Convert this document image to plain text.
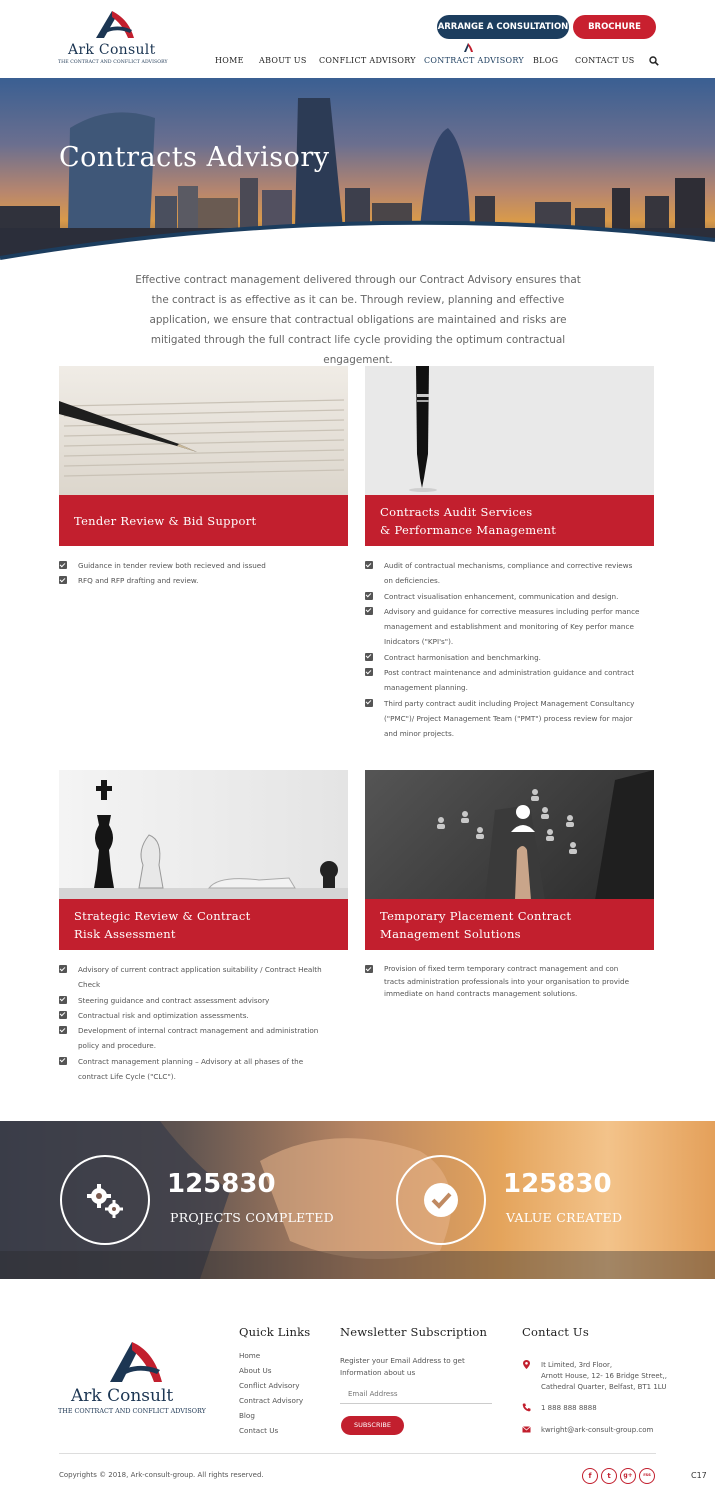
Ark Consult
THE CONTRACT AND CONFLICT ADVISORY
ARRANGE A CONSULTATION	BROCHURE
HOME ABOUT US CONFLICT ADVISORY CONTRACT ADVISORY BLOG CONTACT US
Contracts Advisory
Effective contract management delivered through our Contract Advisory ensures that the contract is as effective as it can be. Through review, planning and effective application, we ensure that contractual obligations are maintained and risks are mitigated through the full contract life cycle providing the optimum contractual engagement.
Tender Review & Bid Support
Guidance in tender review both recieved and issued
RFQ and RFP drafting and review.
Contracts Audit Services
& Performance Management
Audit of contractual mechanisms, compliance and corrective reviews on deficiencies.
Contract visualisation enhancement, communication and design.
Advisory and guidance for corrective measures including perfor mance management and establishment and monitoring of Key perfor mance Inidcators ("KPI's").
Contract harmonisation and benchmarking.
Post contract maintenance and administration guidance and contract management planning.
Third party contract audit including Project Management Consultancy ("PMC")/ Project Management Team ("PMT") process review for major and minor projects.
Strategic Review & Contract
Risk Assessment
Advisory of current contract application suitability / Contract Health Check
Steering guidance and contract assessment advisory
Contractual risk and optimization assessments.
Development of internal contract management and administration policy and procedure.
Contract management planning – Advisory at all phases of the contract Life Cycle ("CLC").
Temporary Placement Contract
Management Solutions
Provision of fixed term temporary contract management and con tracts administration professionals into your organisation to provide immediate on hand contracts management solutions.
125830
PROJECTS COMPLETED
125830
VALUE CREATED
Ark Consult
THE CONTRACT AND CONFLICT ADVISORY
Quick Links
Home
About Us
Conflict Advisory
Contract Advisory
Blog
Contact Us
Newsletter Subscription
Register your Email Address to get Information about us
Email Address
SUBSCRIBE
Contact Us
It Limited, 3rd Floor,
Arnott House, 12- 16 Bridge Street,,
Cathedral Quarter, Belfast, BT1 1LU
1 888 888 8888
kwright@ark-consult-group.com
Copyrights © 2018, Ark-consult-group. All rights reserved.	f	t	g+	rss	C17
